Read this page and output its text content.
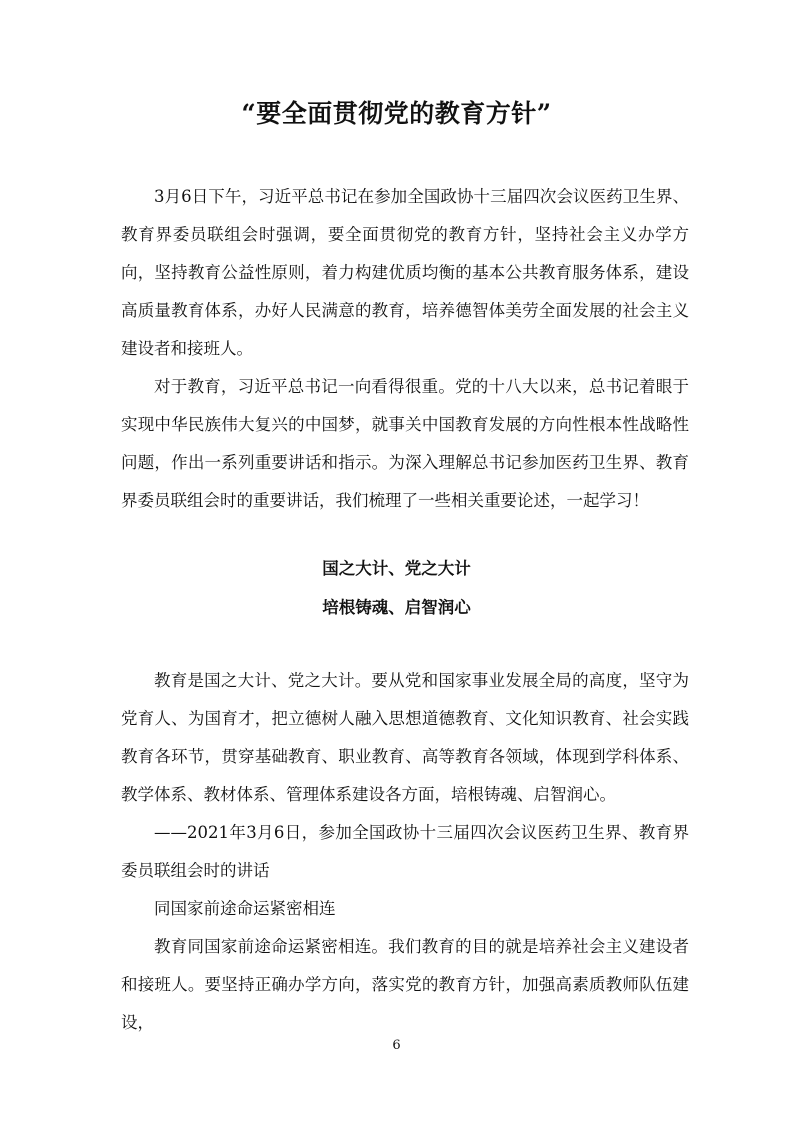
“要全面贯彻党的教育方针”

3月6日下午，习近平总书记在参加全国政协十三届四次会议医药卫生界、教育界委员联组会时强调，要全面贯彻党的教育方针，坚持社会主义办学方向，坚持教育公益性原则，着力构建优质均衡的基本公共教育服务体系，建设高质量教育体系，办好人民满意的教育，培养德智体美劳全面发展的社会主义建设者和接班人。

对于教育，习近平总书记一向看得很重。党的十八大以来，总书记着眼于实现中华民族伟大复兴的中国梦，就事关中国教育发展的方向性根本性战略性问题，作出一系列重要讲话和指示。为深入理解总书记参加医药卫生界、教育界委员联组会时的重要讲话，我们梳理了一些相关重要论述，一起学习！

国之大计、党之大计
培根铸魂、启智润心

教育是国之大计、党之大计。要从党和国家事业发展全局的高度，坚守为党育人、为国育才，把立德树人融入思想道德教育、文化知识教育、社会实践教育各环节，贯穿基础教育、职业教育、高等教育各领域，体现到学科体系、教学体系、教材体系、管理体系建设各方面，培根铸魂、启智润心。

——2021年3月6日，参加全国政协十三届四次会议医药卫生界、教育界委员联组会时的讲话

同国家前途命运紧密相连

教育同国家前途命运紧密相连。我们教育的目的就是培养社会主义建设者和接班人。要坚持正确办学方向，落实党的教育方针，加强高素质教师队伍建设，

6
